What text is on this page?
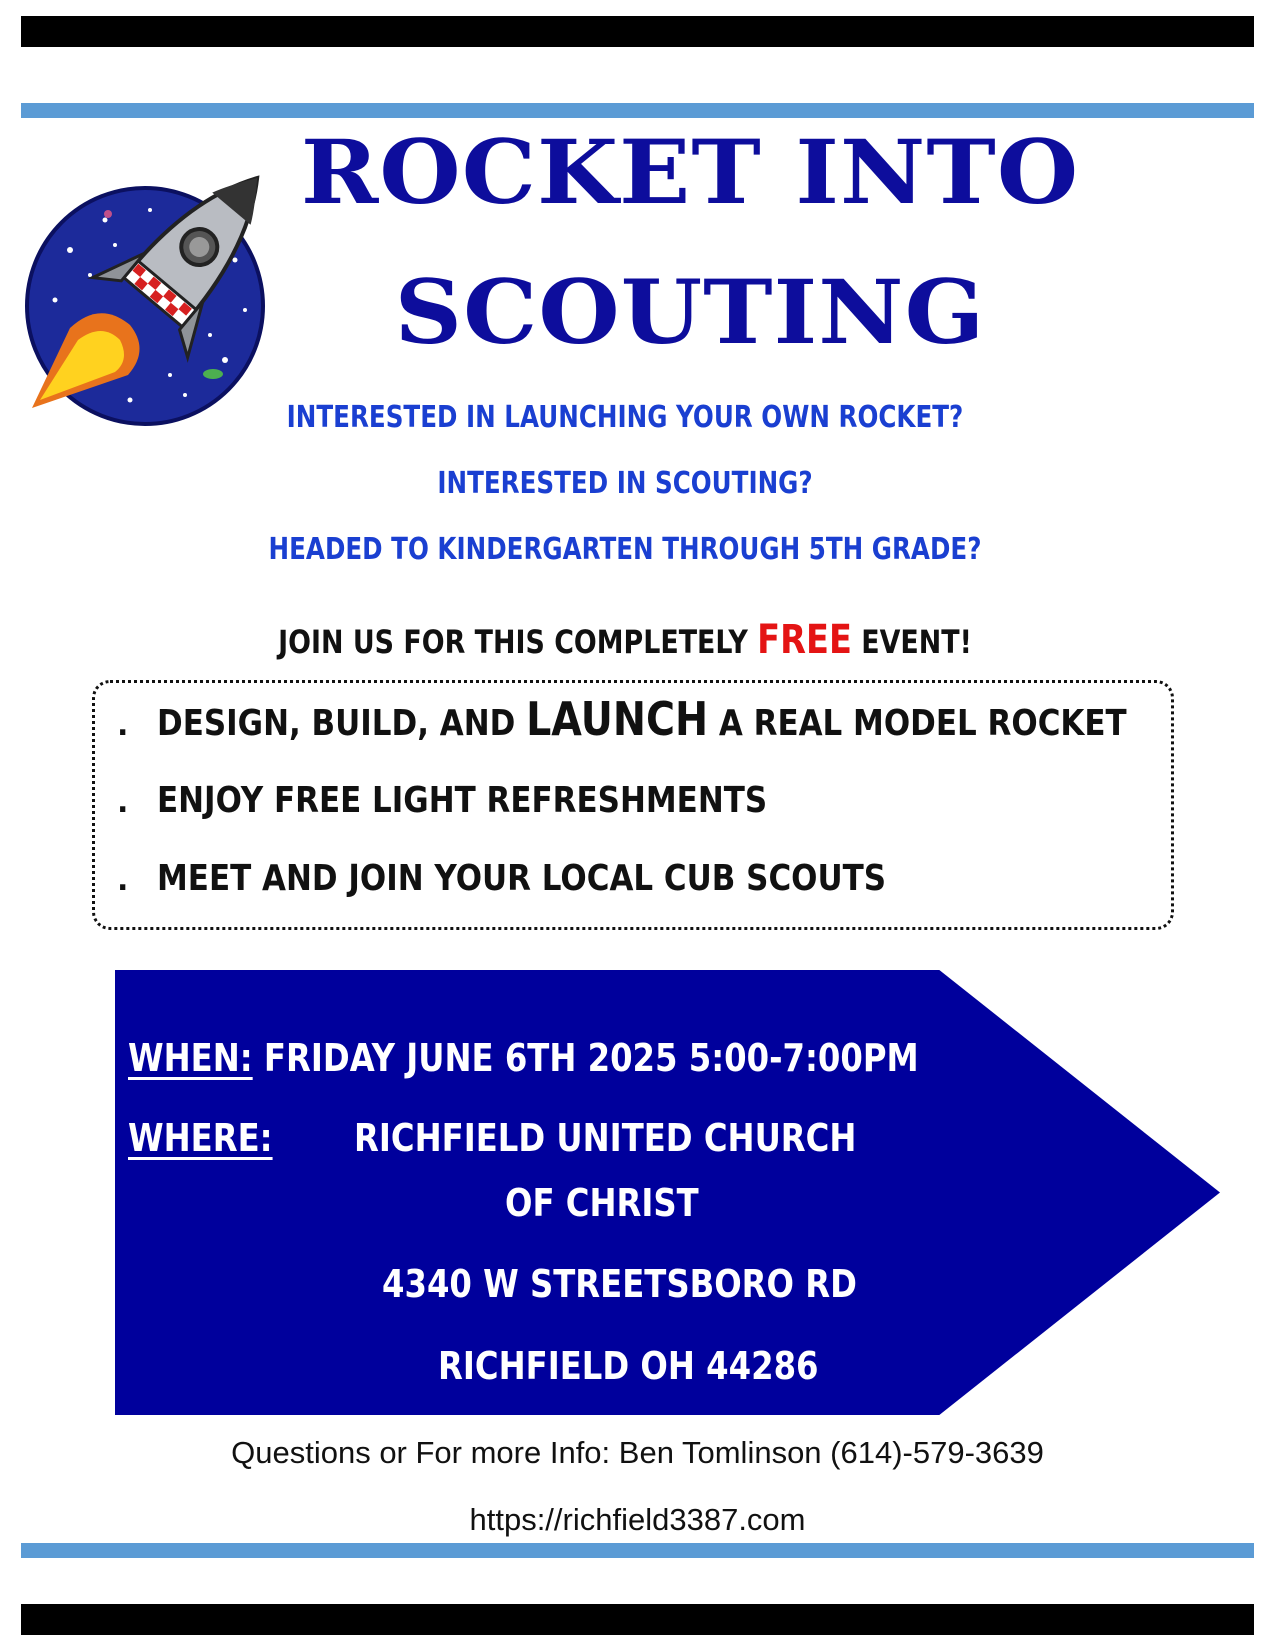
ROCKET INTO
SCOUTING
INTERESTED IN LAUNCHING YOUR OWN ROCKET?
INTERESTED IN SCOUTING?
HEADED TO KINDERGARTEN THROUGH 5TH GRADE?
JOIN US FOR THIS COMPLETELY FREE EVENT!
. DESIGN, BUILD, AND LAUNCH A REAL MODEL ROCKET
. ENJOY FREE LIGHT REFRESHMENTS
. MEET AND JOIN YOUR LOCAL CUB SCOUTS
WHEN: FRIDAY JUNE 6TH 2025 5:00-7:00PM
WHERE: RICHFIELD UNITED CHURCH
OF CHRIST
4340 W STREETSBORO RD
RICHFIELD OH 44286
Questions or For more Info: Ben Tomlinson (614)-579-3639
https://richfield3387.com
